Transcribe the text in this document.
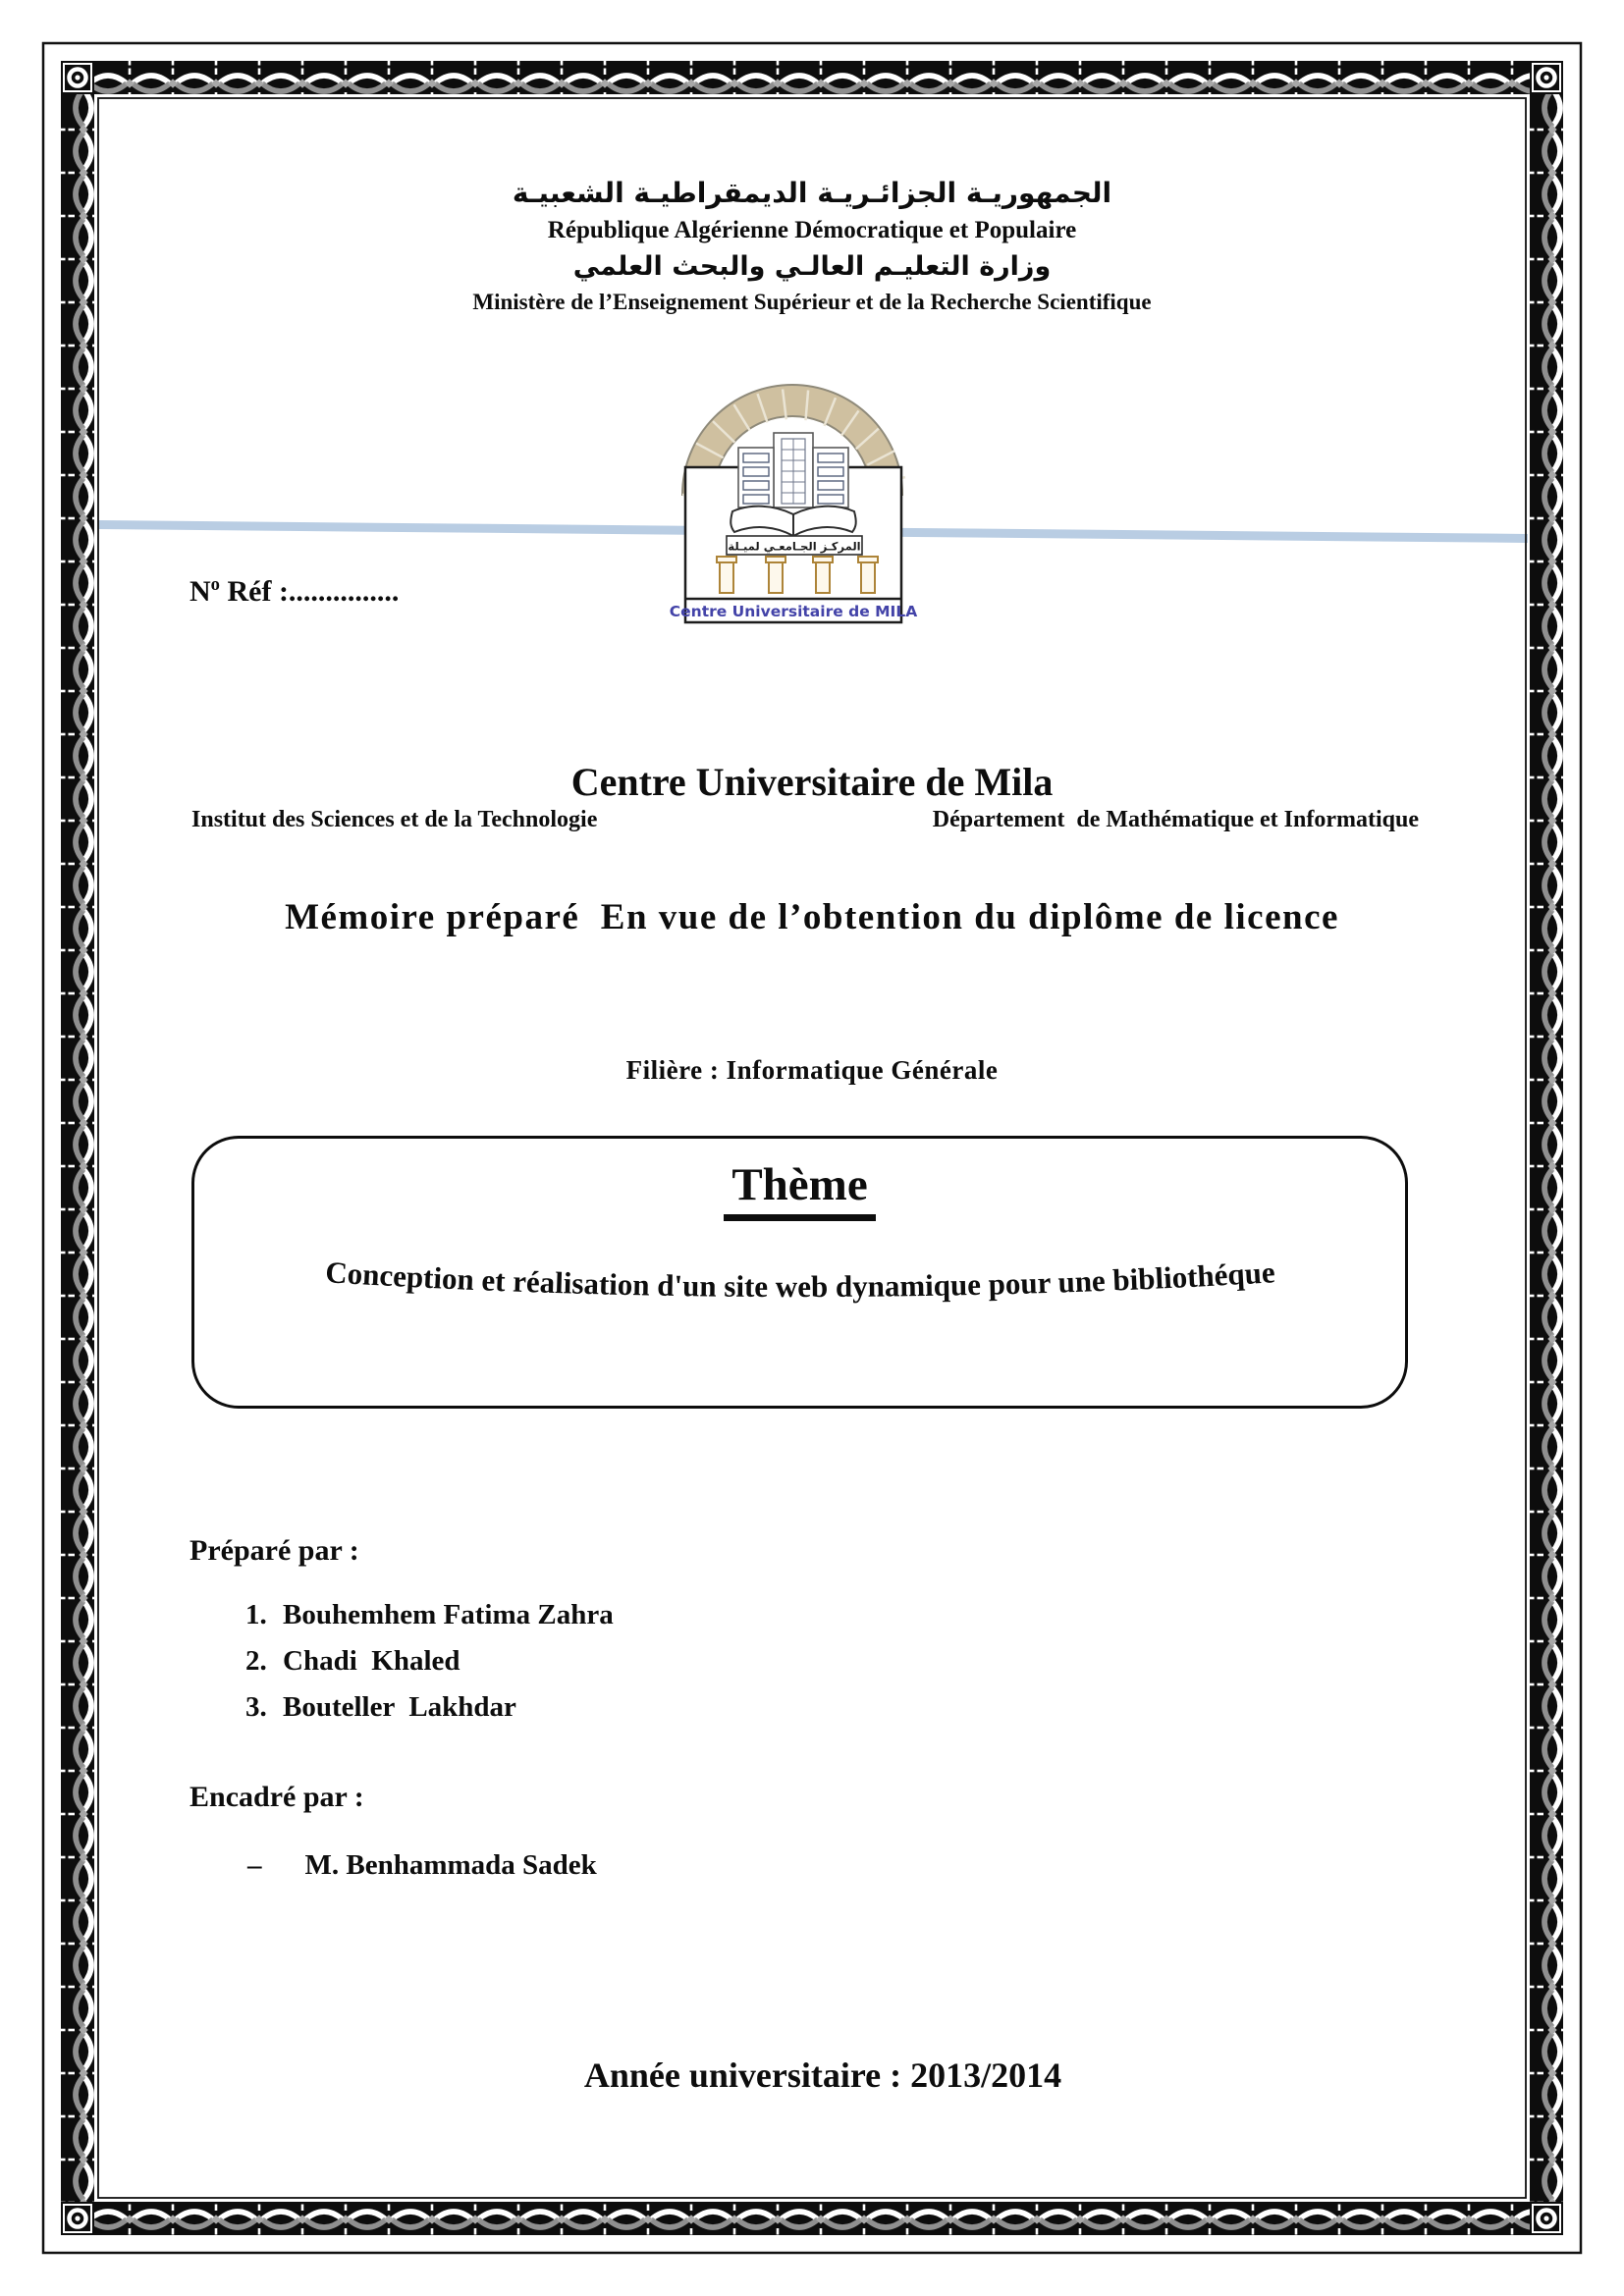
الجمهوريـة الجزائـريـة الديمقراطيـة الشعبيـة
République Algérienne Démocratique et Populaire
وزارة التعليـم العالـي والبحث العلمي
Ministère de l’Enseignement Supérieur et de la Recherche Scientifique
$N^o$ Réf :...............
المركـز الجـامعـي لميـلة
Centre Universitaire de MILA
Centre Universitaire de Mila
Institut des Sciences et de la Technologie	Département  de Mathématique et Informatique
Mémoire préparé  En vue de l’obtention du diplôme de licence
Filière : Informatique Générale
Thème
Conception et réalisation d'un site web dynamique pour une bibliothéque
Préparé par :
1. Bouhemhem Fatima Zahra
2. Chadi  Khaled
3. Bouteller  Lakhdar
Encadré par :
– M. Benhammada Sadek
Année universitaire : 2013/2014
